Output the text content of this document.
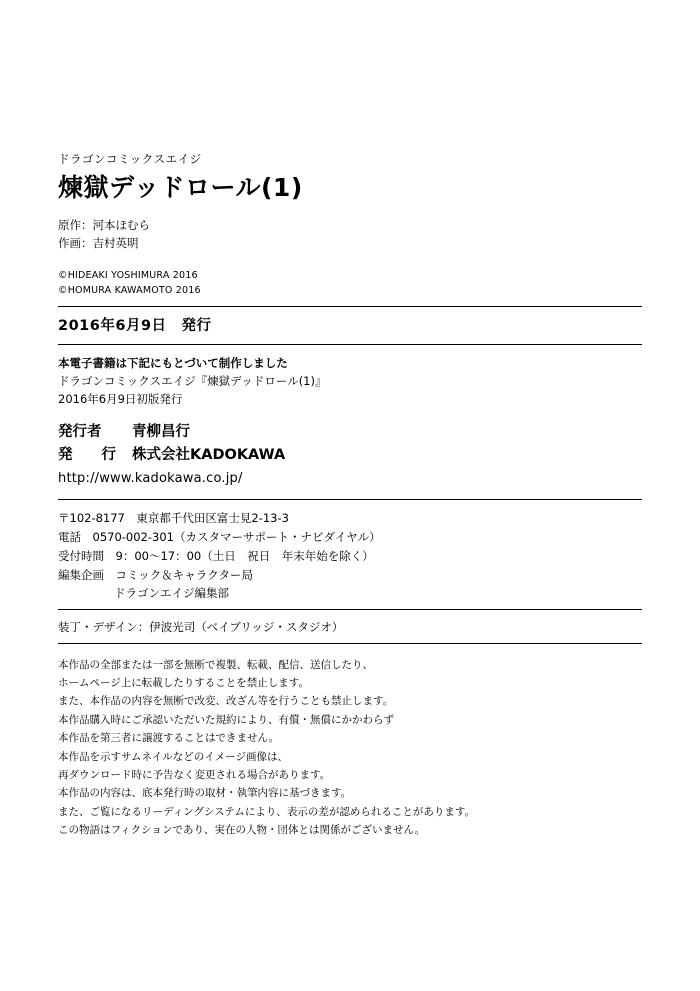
ドラゴンコミックスエイジ
煉獄デッドロール(1)
原作：河本ほむら
作画：吉村英明
©HIDEAKI YOSHIMURA 2016
©HOMURA KAWAMOTO 2016
2016年6月9日　発行
本電子書籍は下記にもとづいて制作しました
ドラゴンコミックスエイジ『煉獄デッドロール(1)』
2016年6月9日初版発行
発行者 青柳昌行
発　　行 株式会社KADOKAWA
http://www.kadokawa.co.jp/
〒102-8177　東京都千代田区富士見2-13-3
電話　0570-002-301（カスタマーサポート・ナビダイヤル）
受付時間　9：00〜17：00（土日　祝日　年末年始を除く）
編集企画　コミック＆キャラクター局
ドラゴンエイジ編集部
装丁・デザイン：伊波光司（ベイブリッジ・スタジオ）
本作品の全部または一部を無断で複製、転載、配信、送信したり、
ホームページ上に転載したりすることを禁止します。
また、本作品の内容を無断で改変、改ざん等を行うことも禁止します。
本作品購入時にご承認いただいた規約により、有償・無償にかかわらず
本作品を第三者に譲渡することはできません。
本作品を示すサムネイルなどのイメージ画像は、
再ダウンロード時に予告なく変更される場合があります。
本作品の内容は、底本発行時の取材・執筆内容に基づきます。
また、ご覧になるリーディングシステムにより、表示の差が認められることがあります。
この物語はフィクションであり、実在の人物・団体とは関係がございません。
